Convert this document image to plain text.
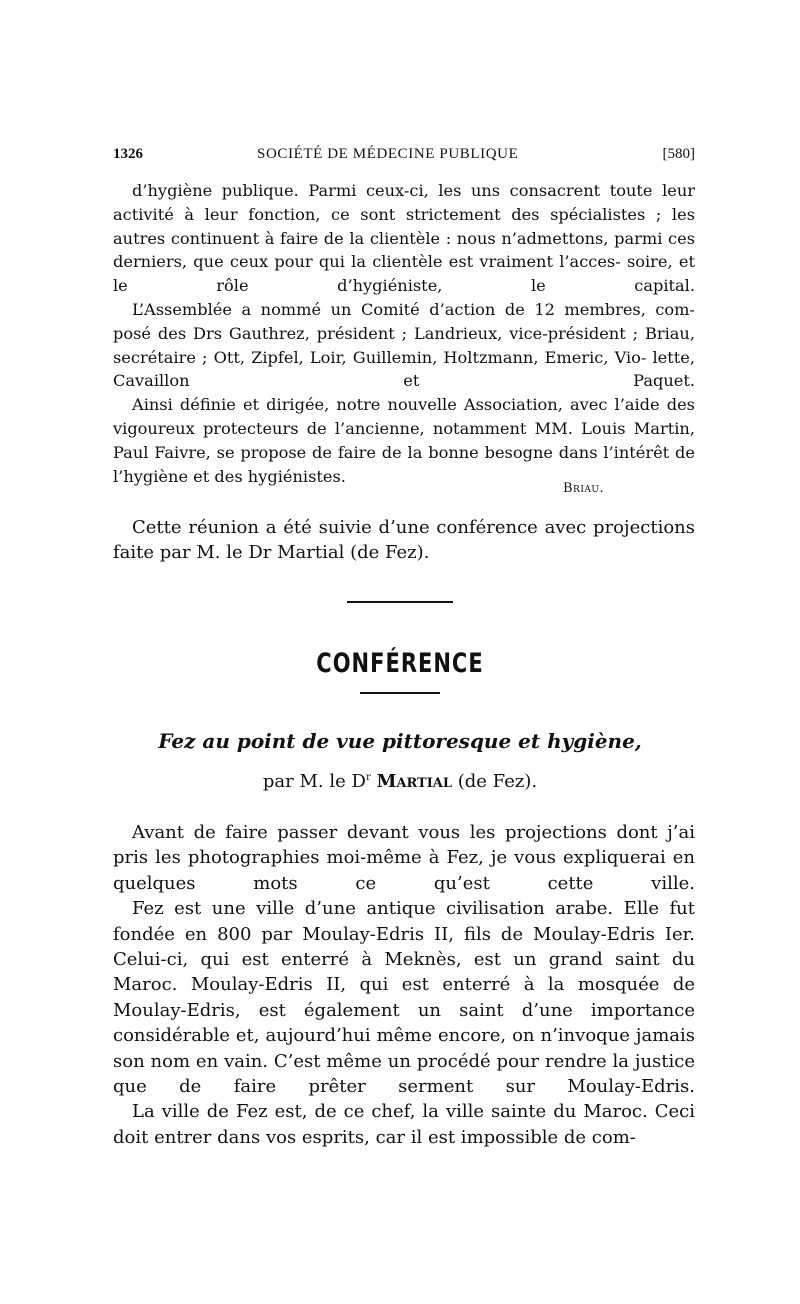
1326	SOCIÉTÉ DE MÉDECINE PUBLIQUE	[580]

d’hygiène publique. Parmi ceux-ci, les uns consacrent toute leur activité à leur fonction, ce sont strictement des spécialistes ; les autres continuent à faire de la clientèle : nous n’admettons, parmi ces derniers, que ceux pour qui la clientèle est vraiment l’acces- soire, et le rôle d’hygiéniste, le capital.

L’Assemblée a nommé un Comité d’action de 12 membres, com- posé des Drs Gauthrez, président ; Landrieux, vice-président ; Briau, secrétaire ; Ott, Zipfel, Loir, Guillemin, Holtzmann, Emeric, Vio- lette, Cavaillon et Paquet.

Ainsi définie et dirigée, notre nouvelle Association, avec l’aide des vigoureux protecteurs de l’ancienne, notamment MM. Louis Martin, Paul Faivre, se propose de faire de la bonne besogne dans l’intérêt de l’hygiène et des hygiénistes.

Briau.

Cette réunion a été suivie d’une conférence avec projections faite par M. le Dr Martial (de Fez).

CONFÉRENCE
Fez au point de vue pittoresque et hygiène,
par M. le $D^r$ Martial (de Fez).

Avant de faire passer devant vous les projections dont j’ai pris les photographies moi-même à Fez, je vous expliquerai en quelques mots ce qu’est cette ville.

Fez est une ville d’une antique civilisation arabe. Elle fut fondée en 800 par Moulay-Edris II, fils de Moulay-Edris Ier. Celui-ci, qui est enterré à Meknès, est un grand saint du Maroc. Moulay-Edris II, qui est enterré à la mosquée de Moulay-Edris, est également un saint d’une importance considérable et, aujourd’hui même encore, on n’invoque jamais son nom en vain. C’est même un procédé pour rendre la justice que de faire prêter serment sur Moulay-Edris.

La ville de Fez est, de ce chef, la ville sainte du Maroc. Ceci doit entrer dans vos esprits, car il est impossible de com-
